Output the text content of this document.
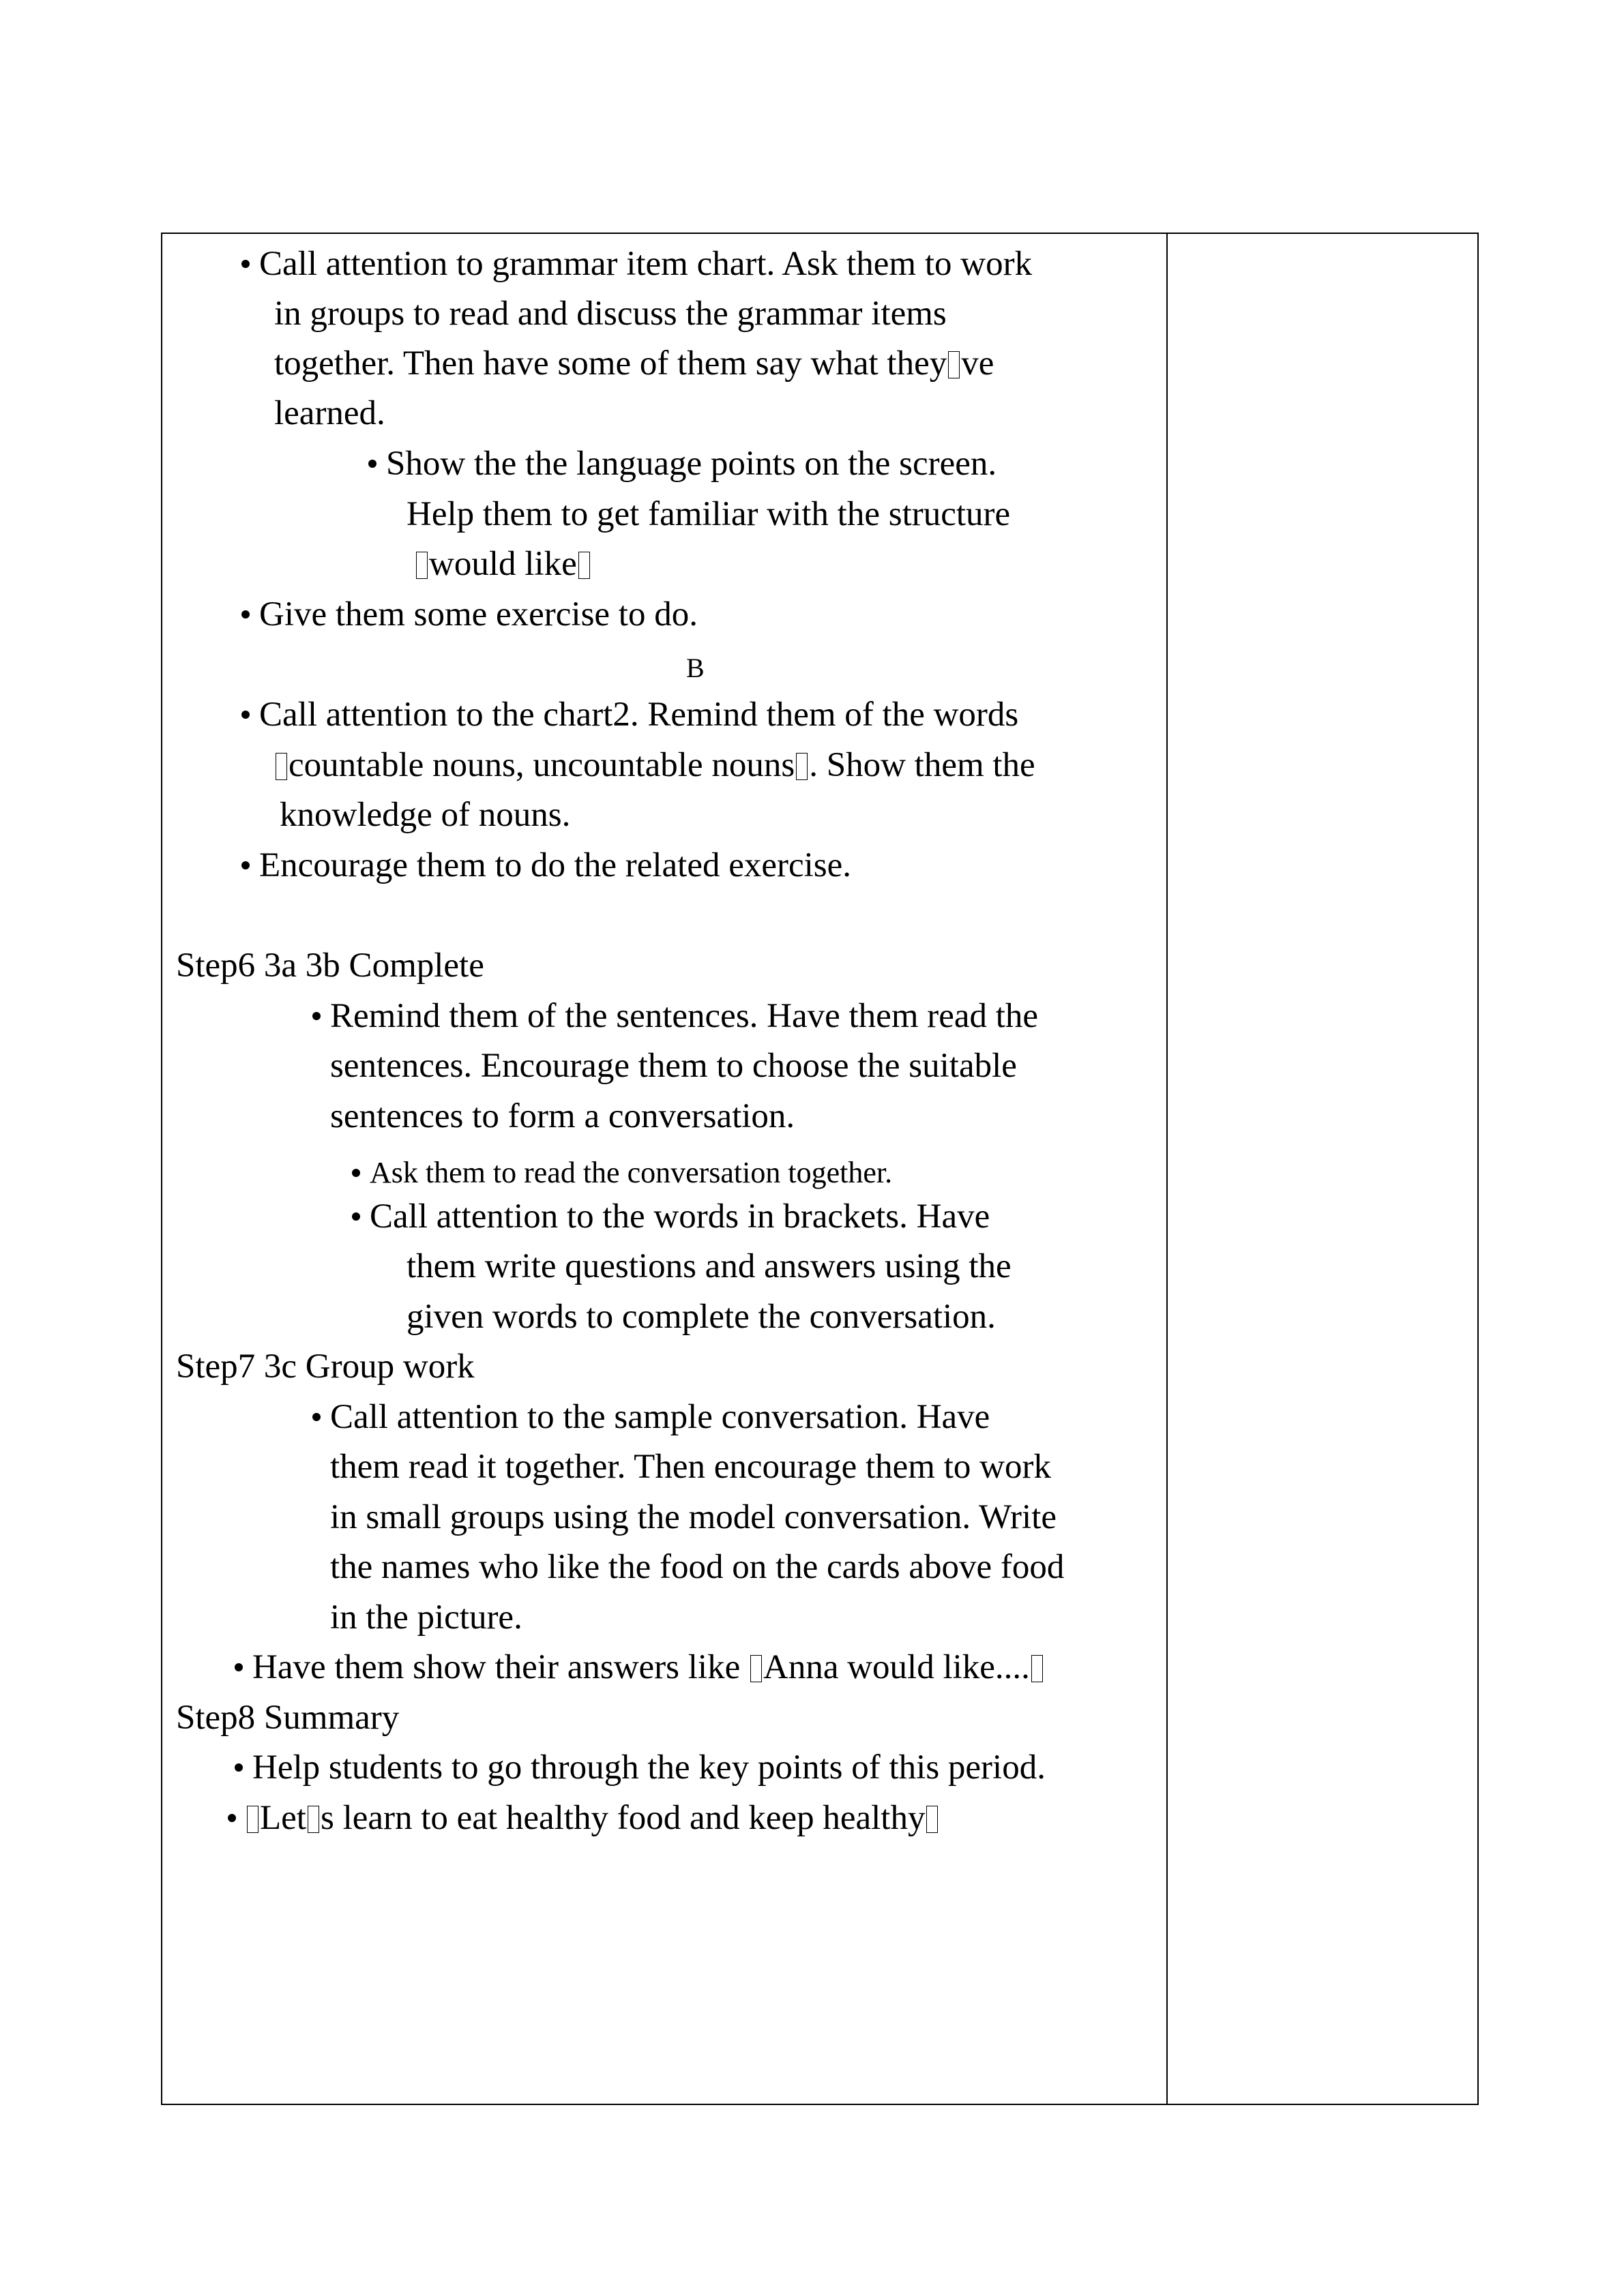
Call attention to grammar item chart. Ask them to work
in groups to read and discuss the grammar items
together. Then have some of them say what they ve
learned.
Show the the language points on the screen.
Help them to get familiar with the structure
would like
Give them some exercise to do.
B
Call attention to the chart2. Remind them of the words
countable nouns, uncountable nouns . Show them the
knowledge of nouns.
Encourage them to do the related exercise.
Step6 3a 3b Complete
Remind them of the sentences. Have them read the
sentences. Encourage them to choose the suitable
sentences to form a conversation.
Ask them to read the conversation together.
Call attention to the words in brackets. Have
them write questions and answers using the
given words to complete the conversation.
Step7 3c Group work
Call attention to the sample conversation. Have
them read it together. Then encourage them to work
in small groups using the model conversation. Write
the names who like the food on the cards above food
in the picture.
Have them show their answers like Anna would like....
Step8 Summary
Help students to go through the key points of this period.
Let s learn to eat healthy food and keep healthy
